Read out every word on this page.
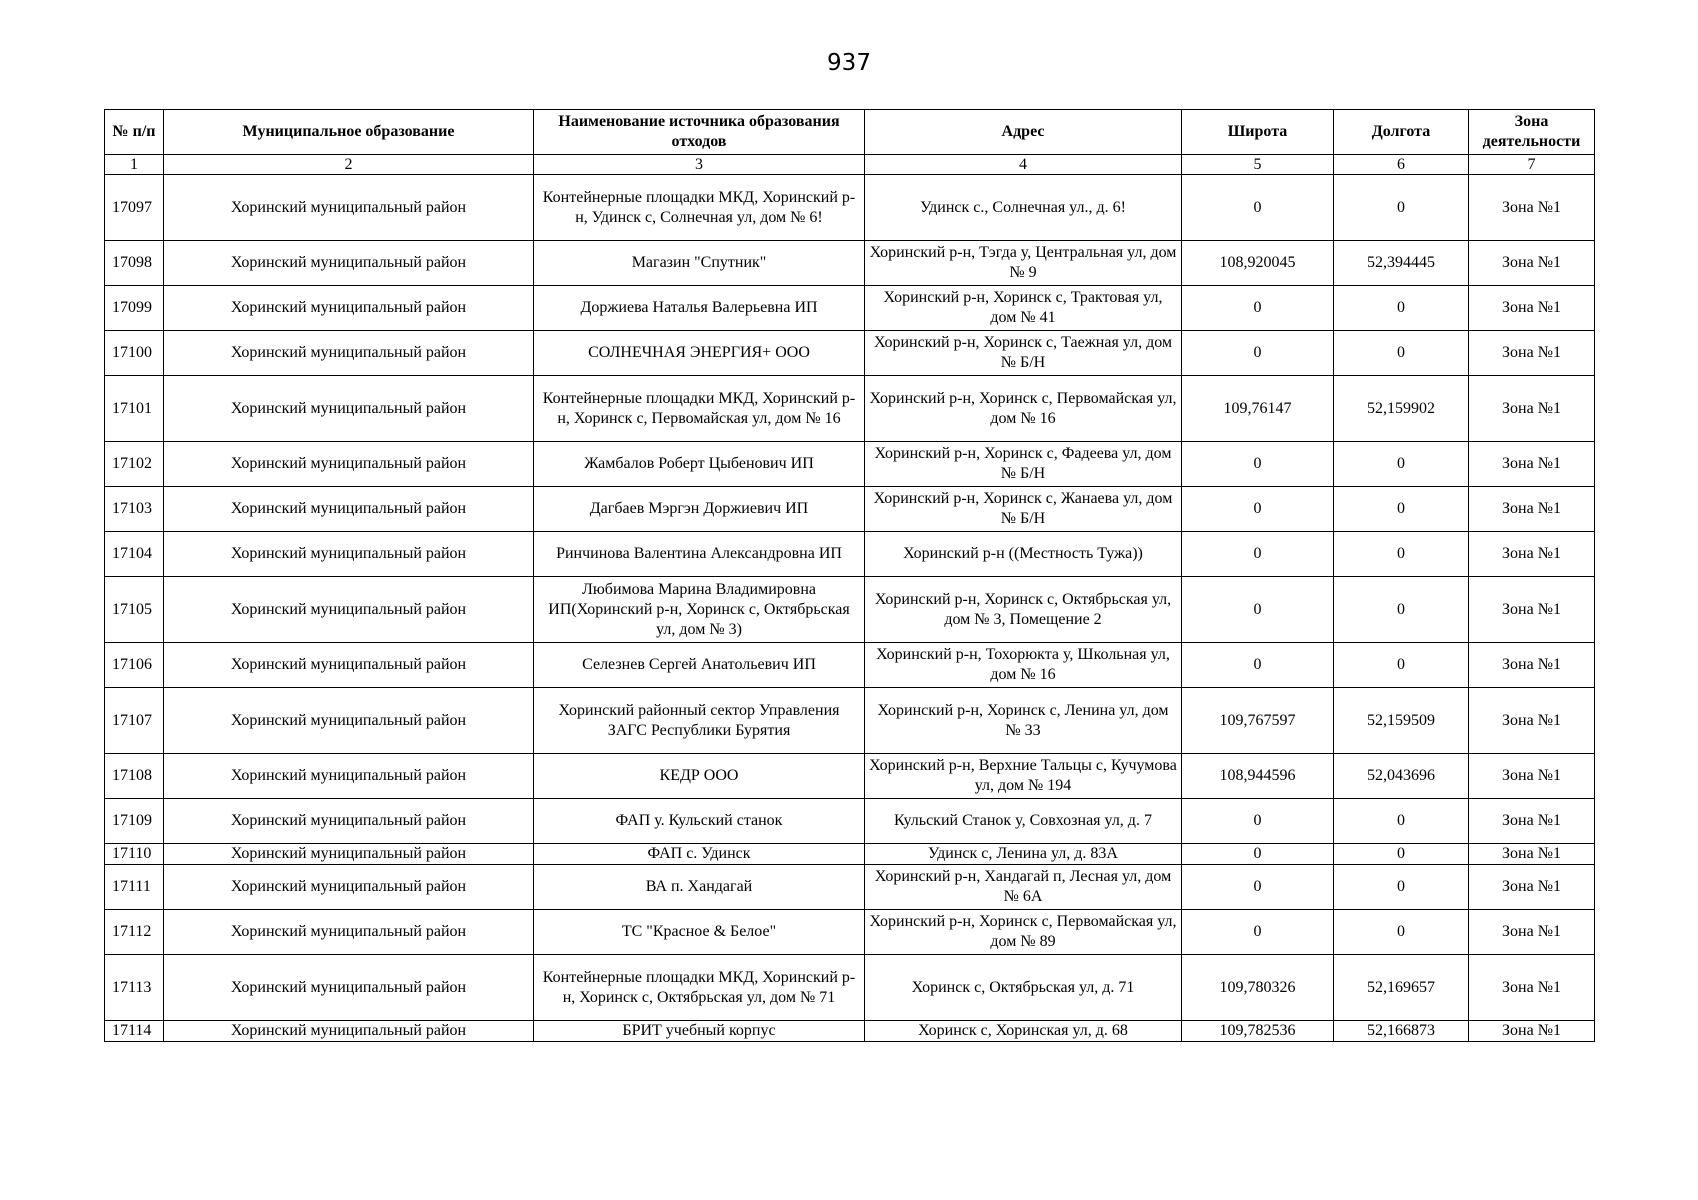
937
№ п/п	Муниципальное образование	Наименование источника образования отходов	Адрес	Широта	Долгота	Зона деятельности
1	2	3	4	5	6	7
17097	Хоринский муниципальный район	Контейнерные площадки МКД, Хоринский р-н, Удинск с, Солнечная ул, дом № 6!	Удинск с., Солнечная ул., д. 6!	0	0	Зона №1
17098	Хоринский муниципальный район	Магазин "Спутник"	Хоринский р-н, Тэгда у, Центральная ул, дом № 9	108,920045	52,394445	Зона №1
17099	Хоринский муниципальный район	Доржиева Наталья Валерьевна ИП	Хоринский р-н, Хоринск с, Трактовая ул, дом № 41	0	0	Зона №1
17100	Хоринский муниципальный район	СОЛНЕЧНАЯ ЭНЕРГИЯ+ ООО	Хоринский р-н, Хоринск с, Таежная ул, дом № Б/Н	0	0	Зона №1
17101	Хоринский муниципальный район	Контейнерные площадки МКД, Хоринский р-н, Хоринск с, Первомайская ул, дом № 16	Хоринский р-н, Хоринск с, Первомайская ул, дом № 16	109,76147	52,159902	Зона №1
17102	Хоринский муниципальный район	Жамбалов Роберт Цыбенович ИП	Хоринский р-н, Хоринск с, Фадеева ул, дом № Б/Н	0	0	Зона №1
17103	Хоринский муниципальный район	Дагбаев Мэргэн Доржиевич ИП	Хоринский р-н, Хоринск с, Жанаева ул, дом № Б/Н	0	0	Зона №1
17104	Хоринский муниципальный район	Ринчинова Валентина Александровна ИП	Хоринский р-н ((Местность Тужа))	0	0	Зона №1
17105	Хоринский муниципальный район	Любимова Марина Владимировна ИП(Хоринский р-н, Хоринск с, Октябрьская ул, дом № 3)	Хоринский р-н, Хоринск с, Октябрьская ул, дом № 3, Помещение 2	0	0	Зона №1
17106	Хоринский муниципальный район	Селезнев Сергей Анатольевич ИП	Хоринский р-н, Тохорюкта у, Школьная ул, дом № 16	0	0	Зона №1
17107	Хоринский муниципальный район	Хоринский районный сектор Управления ЗАГС Республики Бурятия	Хоринский р-н, Хоринск с, Ленина ул, дом № 33	109,767597	52,159509	Зона №1
17108	Хоринский муниципальный район	КЕДР ООО	Хоринский р-н, Верхние Тальцы с, Кучумова ул, дом № 194	108,944596	52,043696	Зона №1
17109	Хоринский муниципальный район	ФАП у. Кульский станок	Кульский Станок у, Совхозная ул, д. 7	0	0	Зона №1
17110	Хоринский муниципальный район	ФАП с. Удинск	Удинск с, Ленина ул, д. 83А	0	0	Зона №1
17111	Хоринский муниципальный район	ВА п. Хандагай	Хоринский р-н, Хандагай п, Лесная ул, дом № 6А	0	0	Зона №1
17112	Хоринский муниципальный район	ТС "Красное & Белое"	Хоринский р-н, Хоринск с, Первомайская ул, дом № 89	0	0	Зона №1
17113	Хоринский муниципальный район	Контейнерные площадки МКД, Хоринский р-н, Хоринск с, Октябрьская ул, дом № 71	Хоринск с, Октябрьская ул, д. 71	109,780326	52,169657	Зона №1
17114	Хоринский муниципальный район	БРИТ учебный корпус	Хоринск с, Хоринская ул, д. 68	109,782536	52,166873	Зона №1
